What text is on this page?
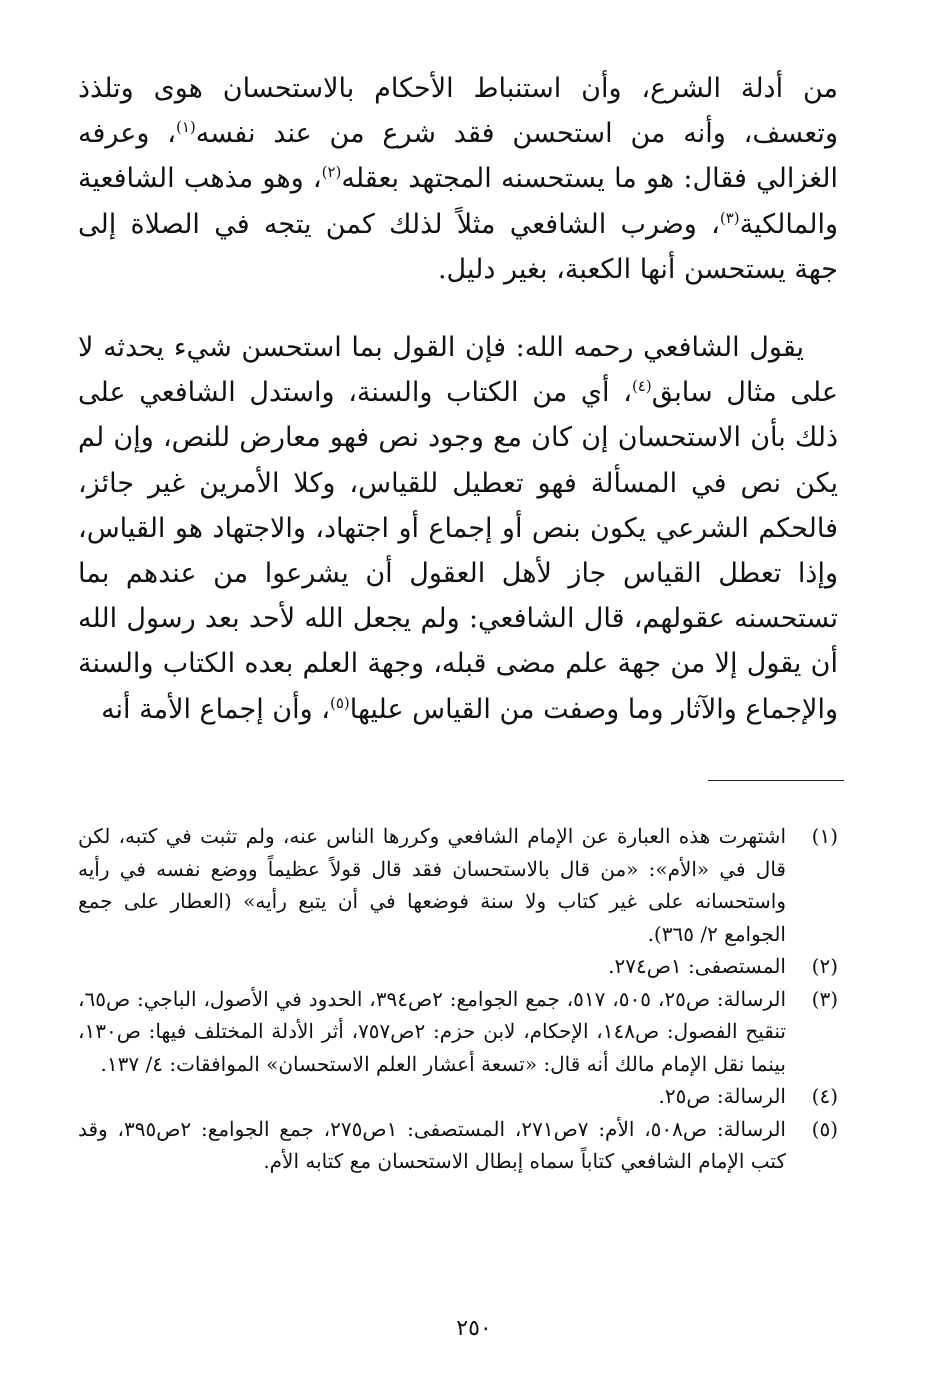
من أدلة الشرع، وأن استنباط الأحكام بالاستحسان هوى وتلذذ وتعسف، وأنه من استحسن فقد شرع من عند نفسه$^{(١)}$، وعرفه الغزالي فقال: هو ما يستحسنه المجتهد بعقله$^{(٢)}$، وهو مذهب الشافعية والمالكية$^{(٣)}$، وضرب الشافعي مثلاً لذلك كمن يتجه في الصلاة إلى جهة يستحسن أنها الكعبة، بغير دليل.

يقول الشافعي رحمه الله: فإن القول بما استحسن شيء يحدثه لا على مثال سابق$^{(٤)}$، أي من الكتاب والسنة، واستدل الشافعي على ذلك بأن الاستحسان إن كان مع وجود نص فهو معارض للنص، وإن لم يكن نص في المسألة فهو تعطيل للقياس، وكلا الأمرين غير جائز، فالحكم الشرعي يكون بنص أو إجماع أو اجتهاد، والاجتهاد هو القياس، وإذا تعطل القياس جاز لأهل العقول أن يشرعوا من عندهم بما تستحسنه عقولهم، قال الشافعي: ولم يجعل الله لأحد بعد رسول الله أن يقول إلا من جهة علم مضى قبله، وجهة العلم بعده الكتاب والسنة والإجماع والآثار وما وصفت من القياس عليها$^{(٥)}$، وأن إجماع الأمة أنه

(١)
اشتهرت هذه العبارة عن الإمام الشافعي وكررها الناس عنه، ولم تثبت في كتبه، لكن قال في «الأم»: «من قال بالاستحسان فقد قال قولاً عظيماً ووضع نفسه في رأيه واستحسانه على غير كتاب ولا سنة فوضعها في أن يتبع رأيه» (العطار على جمع الجوامع ٢/ ٣٦٥).
(٢)
المستصفى: ١ص٢٧٤.
(٣)
الرسالة: ص٢٥، ٥٠٥، ٥١٧، جمع الجوامع: ٢ص٣٩٤، الحدود في الأصول، الباجي: ص٦٥، تنقيح الفصول: ص١٤٨، الإحكام، لابن حزم: ٢ص٧٥٧، أثر الأدلة المختلف فيها: ص١٣٠، بينما نقل الإمام مالك أنه قال: «تسعة أعشار العلم الاستحسان» الموافقات: ٤/ ١٣٧.
(٤)
الرسالة: ص٢٥.
(٥)
الرسالة: ص٥٠٨، الأم: ٧ص٢٧١، المستصفى: ١ص٢٧٥، جمع الجوامع: ٢ص٣٩٥، وقد كتب الإمام الشافعي كتاباً سماه إبطال الاستحسان مع كتابه الأم.
٢٥٠
